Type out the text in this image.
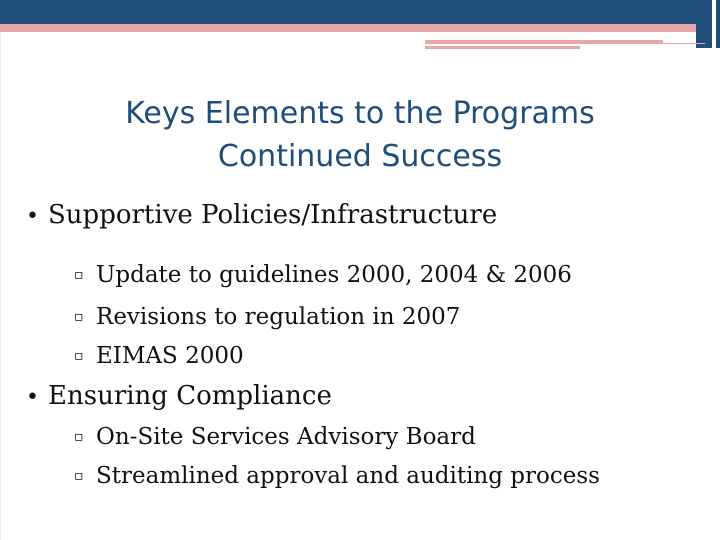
Keys Elements to the Programs
Continued Success
• Supportive Policies/Infrastructure
▫ Update to guidelines 2000, 2004 & 2006
▫ Revisions to regulation in 2007
▫ EIMAS 2000
• Ensuring Compliance
▫ On-Site Services Advisory Board
▫ Streamlined approval and auditing process
